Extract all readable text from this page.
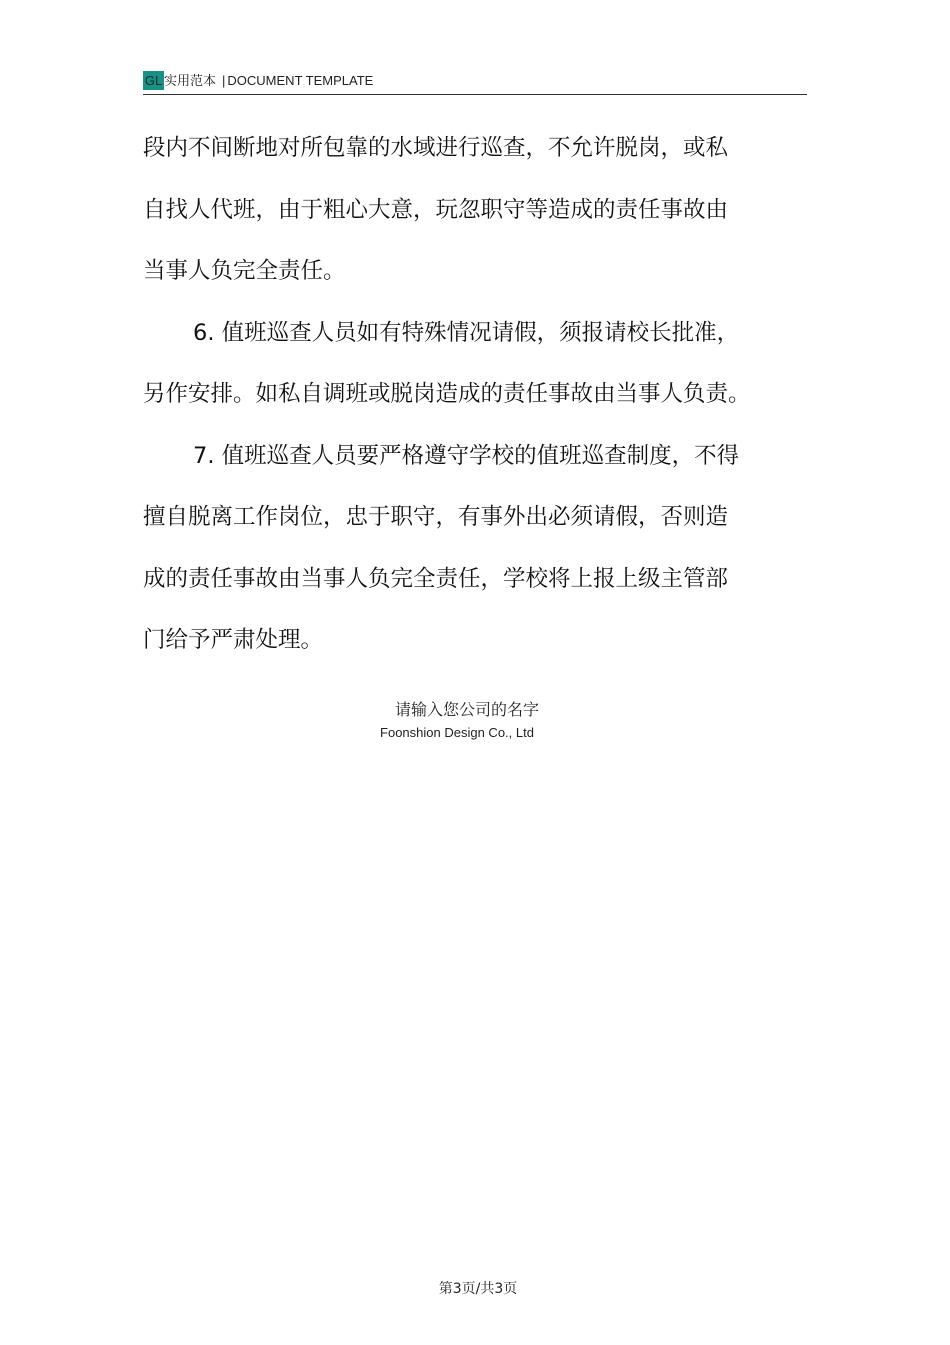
GL 实用范本 | DOCUMENT TEMPLATE
段内不间断地对所包靠的水域进行巡查，不允许脱岗，或私
自找人代班，由于粗心大意，玩忽职守等造成的责任事故由
当事人负完全责任。
6. 值班巡查人员如有特殊情况请假，须报请校长批准，
另作安排。如私自调班或脱岗造成的责任事故由当事人负责。
7. 值班巡查人员要严格遵守学校的值班巡查制度，不得
擅自脱离工作岗位，忠于职守，有事外出必须请假，否则造
成的责任事故由当事人负完全责任，学校将上报上级主管部
门给予严肃处理。
请输入您公司的名字
Foonshion Design Co., Ltd
第3页/共3页
